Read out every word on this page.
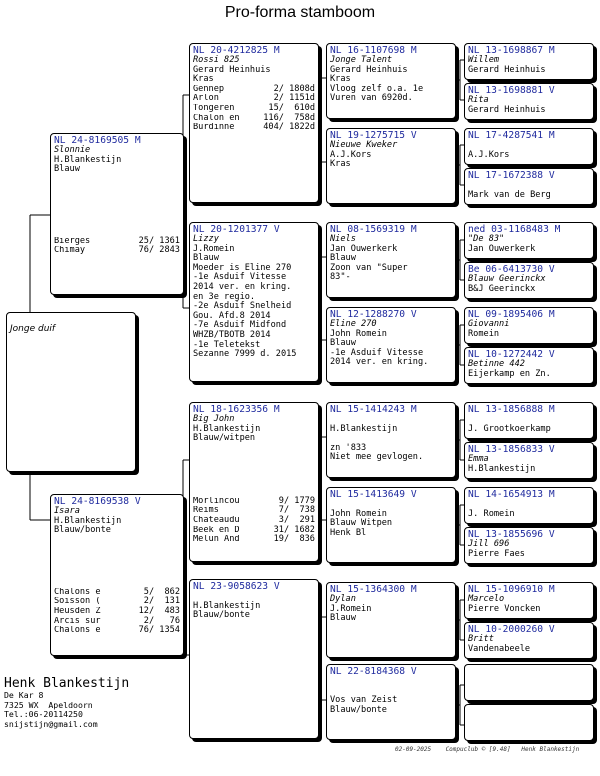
Pro-forma stamboom
Jonge duif
NL 24-8169505 M
Slonnie
H.Blankestijn
Blauw
Bierges	25/ 1361
Chimay	76/ 2843
NL 24-8169538 V
Isara
H.Blankestijn
Blauw/bonte
Chalons e	5/  862
Soisson (	2/  131
Heusden Z	12/  483
Arcis sur	2/   76
Chalons e	76/ 1354
NL 20-4212825 M
Rossi 825
Gerard Heinhuis
Kras
Gennep	2/ 1808d
Arlon	2/ 1151d
Tongeren	15/  610d
Chalon en	116/  758d
Burdinne	404/ 1822d
NL 20-1201377 V
Lizzy
J.Romein
Blauw
Moeder is Eline 270
-1e Asduif Vitesse
2014 ver. en kring.
en 3e regio.
-2e Asduif Snelheid
Gou. Afd.8 2014
-7e Asduif Midfond
WHZB/TBOTB 2014
-1e Teletekst
Sezanne 7999 d. 2015
NL 18-1623356 M
Big John
H.Blankestijn
Blauw/witpen
Morlincou	9/ 1779
Reims	7/  738
Chateaudu	3/  291
Beek en D	31/ 1682
Melun And	19/  836
NL 23-9058623 V
H.Blankestijn
Blauw/bonte
NL 16-1107698 M
Jonge Talent
Gerard Heinhuis
Kras
Vloog zelf o.a. 1e
Vuren van 6920d.
NL 19-1275715 V
Nieuwe Kweker
A.J.Kors
Kras
NL 08-1569319 M
Niels
Jan Ouwerkerk
Blauw
Zoon van "Super
83"-
NL 12-1288270 V
Eline 270
John Romein
Blauw
-1e Asduif Vitesse
2014 ver. en kring.
NL 15-1414243 M
H.Blankestijn
zn '833
Niet mee gevlogen.
NL 15-1413649 V
John Romein
Blauw Witpen
Henk Bl
NL 15-1364300 M
Dylan
J.Romein
Blauw
NL 22-8184368 V
Vos van Zeist
Blauw/bonte
NL 13-1698867 M
Willem
Gerard Heinhuis
NL 13-1698881 V
Rita
Gerard Heinhuis
NL 17-4287541 M
A.J.Kors
NL 17-1672388 V
Mark van de Berg
ned 03-1168483 M
"De 83"
Jan Ouwerkerk
Be 06-6413730 V
Blauw Geerinckx
B&J Geerinckx
NL 09-1895406 M
Giovanni
Romein
NL 10-1272442 V
Betinne 442
Eijerkamp en Zn.
NL 13-1856888 M
J. Grootkoerkamp
NL 13-1856833 V
Emma
H.Blankestijn
NL 14-1654913 M
J. Romein
NL 13-1855696 V
Jill 696
Pierre Faes
NL 15-1096910 M
Marcelo
Pierre Voncken
NL 10-2000260 V
Britt
Vandenabeele
Henk Blankestijn
De Kar 8
7325 WX  Apeldoorn
Tel.:06-20114250
snijstijn@gmail.com
02-09-2025    Compuclub © [9.48]   Henk Blankestijn
